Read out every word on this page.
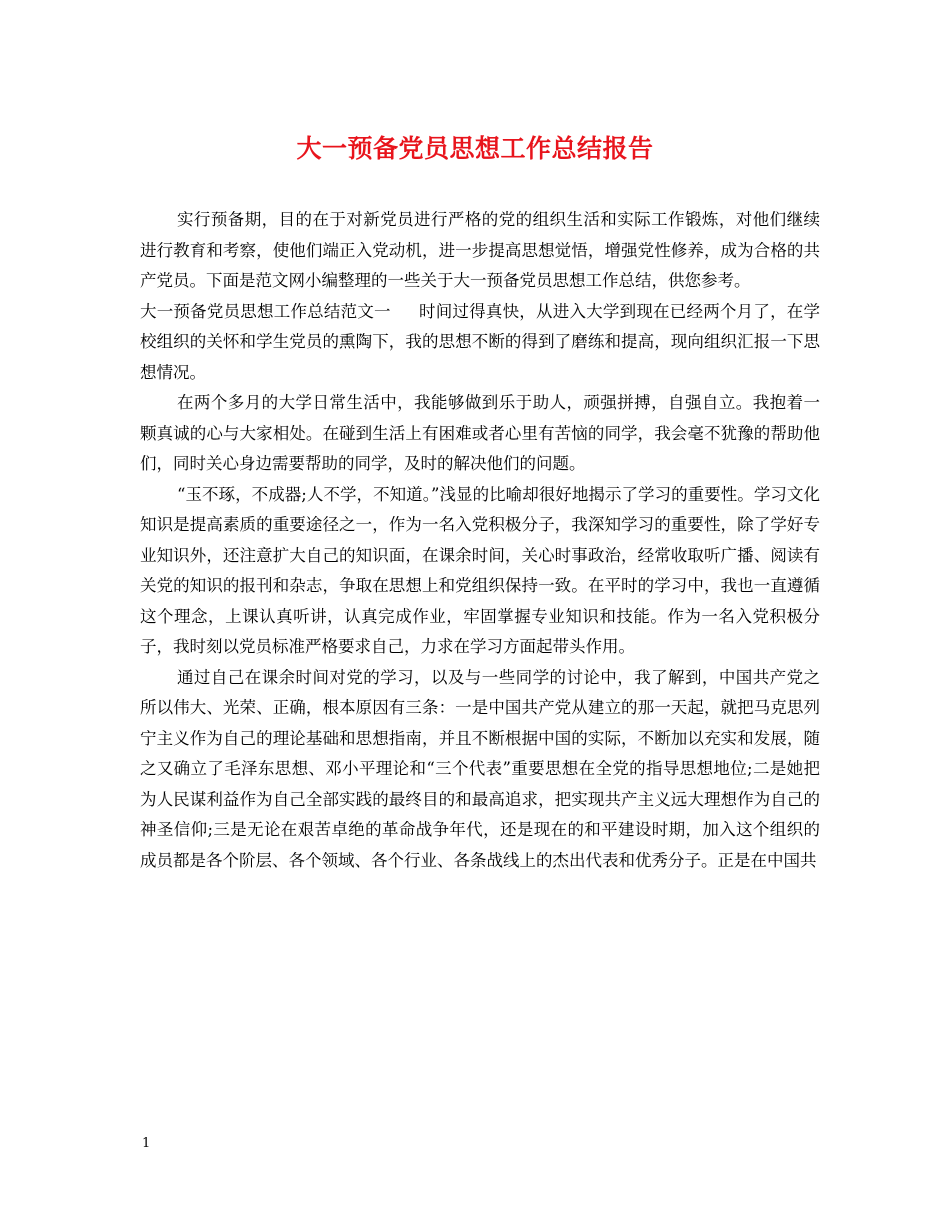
大一预备党员思想工作总结报告

实行预备期，目的在于对新党员进行严格的党的组织生活和实际工作锻炼，对他们继续进行教育和考察，使他们端正入党动机，进一步提高思想觉悟，增强党性修养，成为合格的共产党员。下面是范文网小编整理的一些关于大一预备党员思想工作总结，供您参考。

大一预备党员思想工作总结范文一 时间过得真快，从进入大学到现在已经两个月了，在学校组织的关怀和学生党员的熏陶下，我的思想不断的得到了磨练和提高，现向组织汇报一下思想情况。

在两个多月的大学日常生活中，我能够做到乐于助人，顽强拼搏，自强自立。我抱着一颗真诚的心与大家相处。在碰到生活上有困难或者心里有苦恼的同学，我会毫不犹豫的帮助他们，同时关心身边需要帮助的同学，及时的解决他们的问题。

“玉不琢，不成器;人不学，不知道。”浅显的比喻却很好地揭示了学习的重要性。学习文化知识是提高素质的重要途径之一，作为一名入党积极分子，我深知学习的重要性，除了学好专业知识外，还注意扩大自己的知识面，在课余时间，关心时事政治，经常收取听广播、阅读有关党的知识的报刊和杂志，争取在思想上和党组织保持一致。在平时的学习中，我也一直遵循这个理念，上课认真听讲，认真完成作业，牢固掌握专业知识和技能。作为一名入党积极分子，我时刻以党员标准严格要求自己，力求在学习方面起带头作用。

通过自己在课余时间对党的学习，以及与一些同学的讨论中，我了解到，中国共产党之所以伟大、光荣、正确，根本原因有三条：一是中国共产党从建立的那一天起，就把马克思列宁主义作为自己的理论基础和思想指南，并且不断根据中国的实际，不断加以充实和发展，随之又确立了毛泽东思想、邓小平理论和“三个代表”重要思想在全党的指导思想地位;二是她把为人民谋利益作为自己全部实践的最终目的和最高追求，把实现共产主义远大理想作为自己的神圣信仰;三是无论在艰苦卓绝的革命战争年代，还是现在的和平建设时期，加入这个组织的成员都是各个阶层、各个领域、各个行业、各条战线上的杰出代表和优秀分子。正是在中国共

1
